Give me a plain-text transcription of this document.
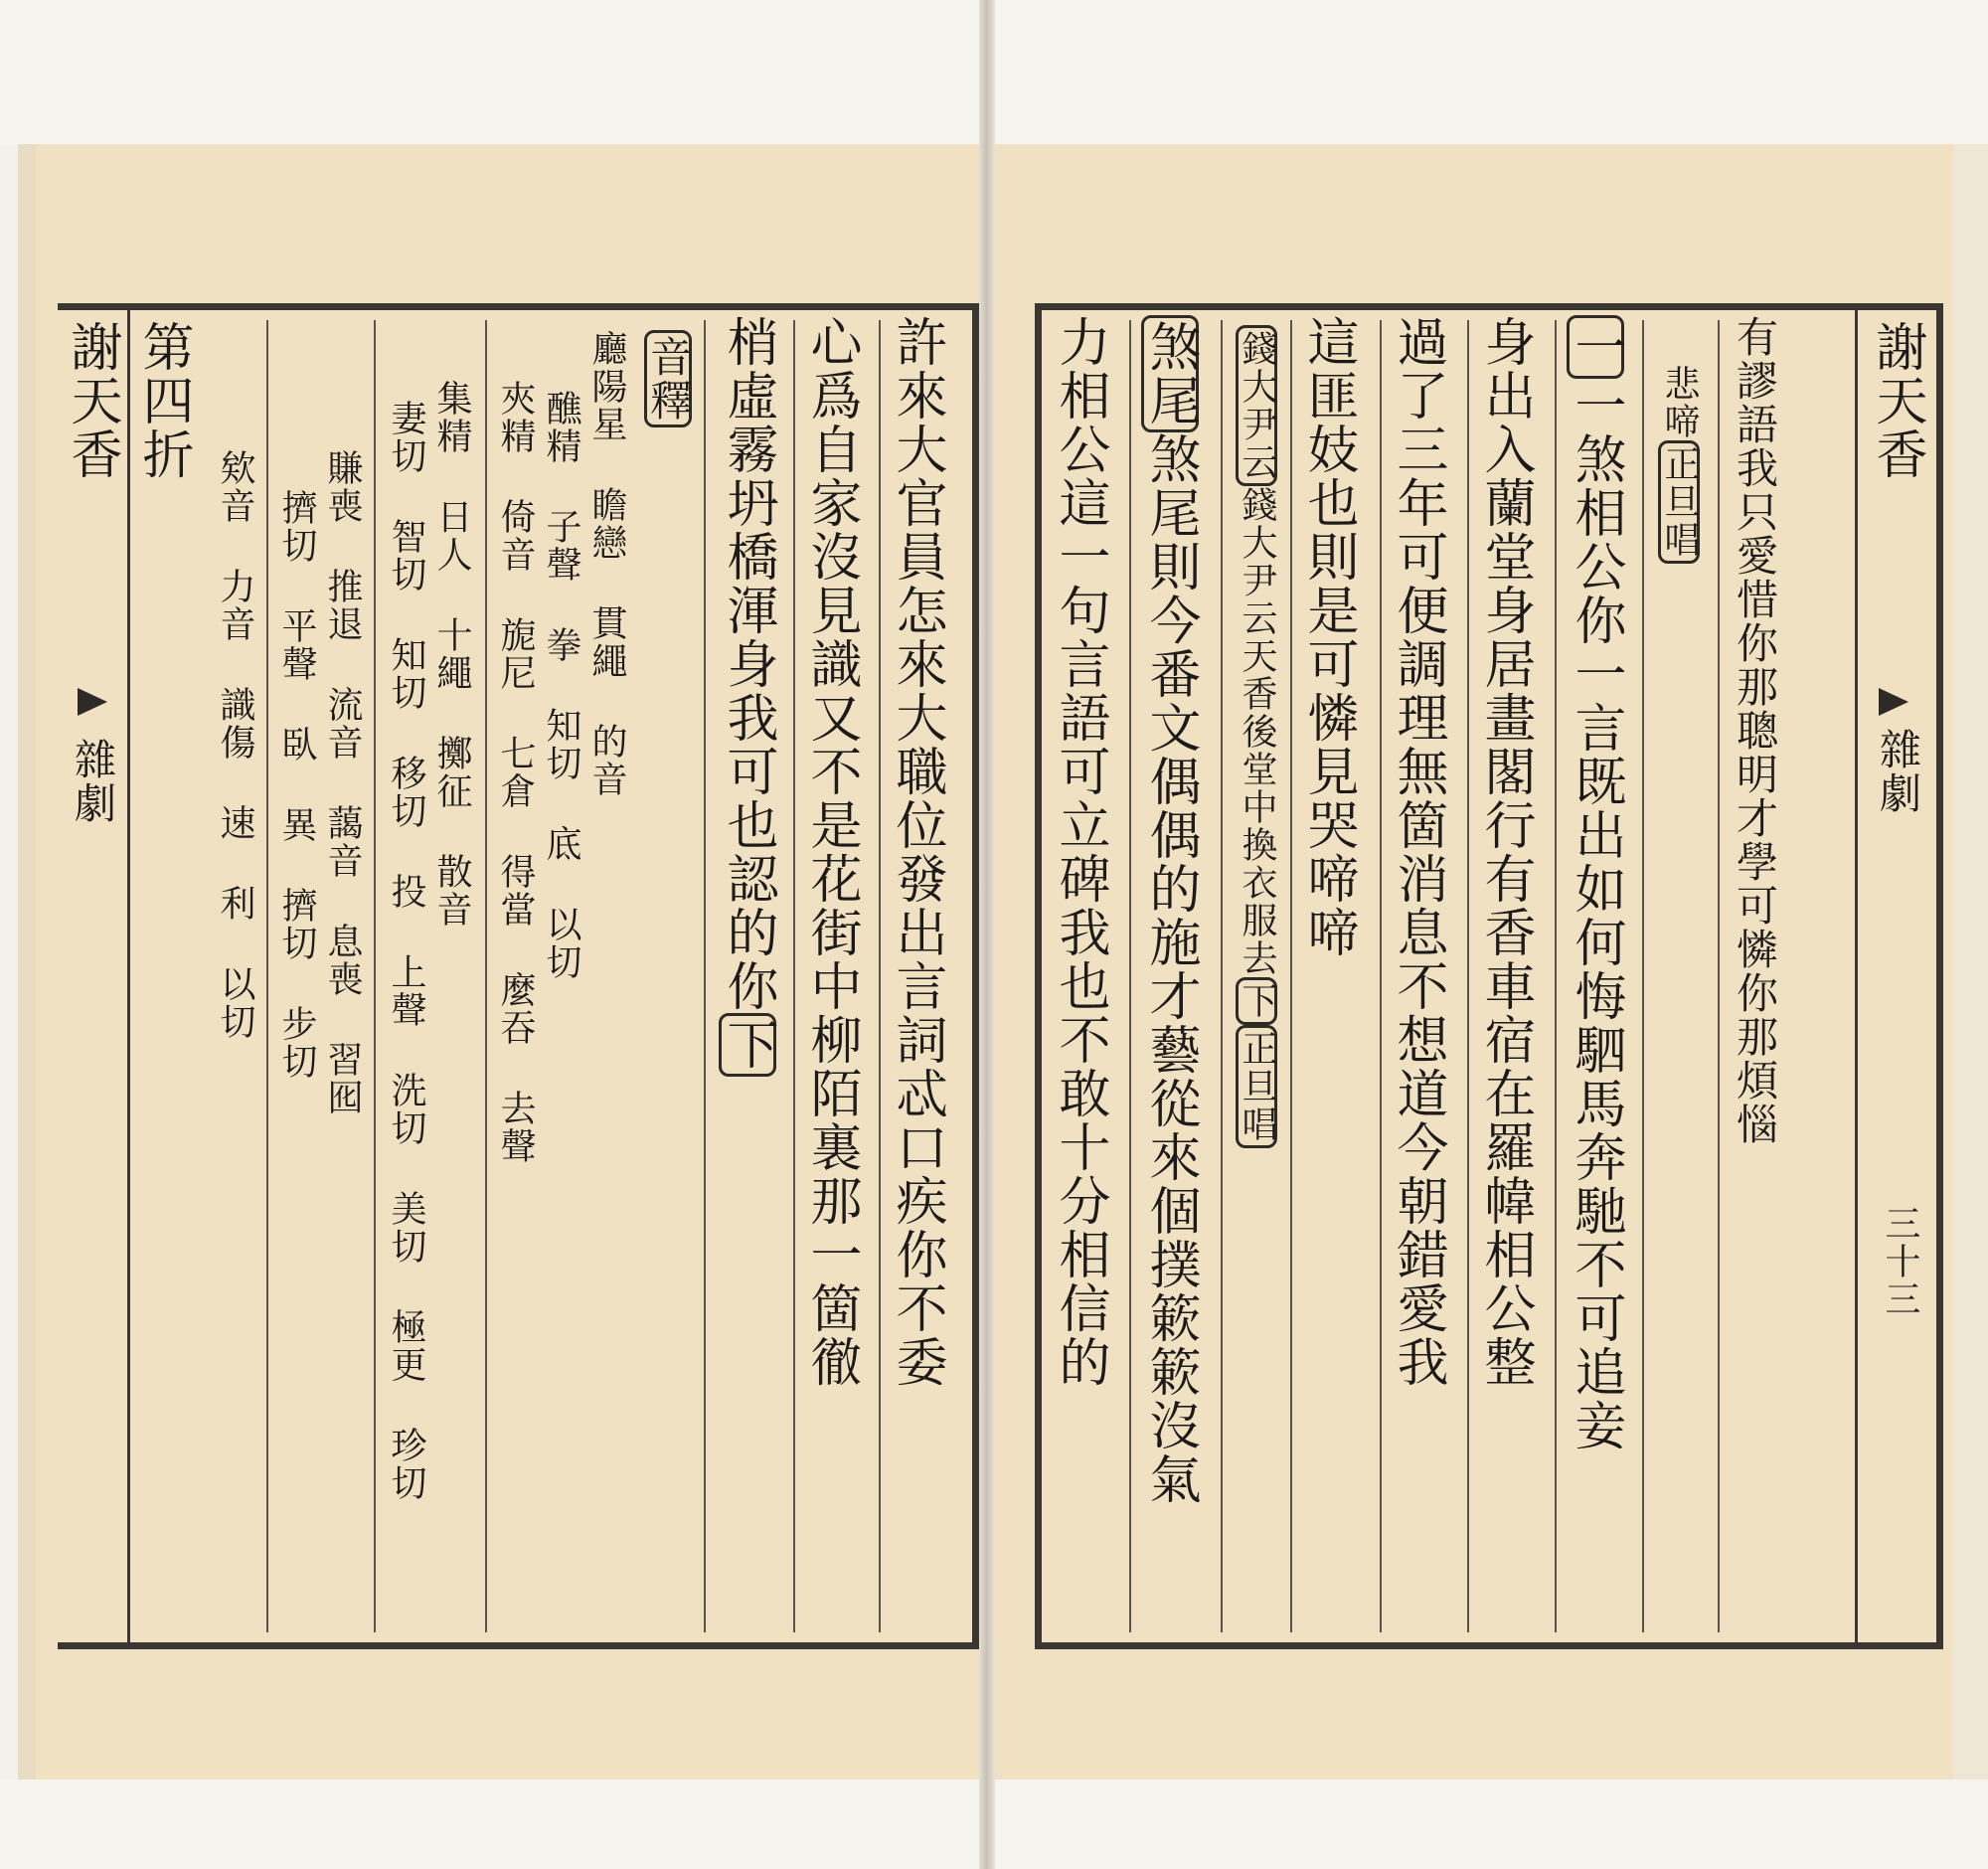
謝天香
雜劇
第四折
欸音 力音 識傷 速 利 以切 擠切 平聲 臥 異 擠切 步切 賺喪 推退 流音 藹音 息喪 習囮 妻切 智切 知切 移切 投 上聲 洗切 美切 極更 珍切 集精 日人 十繩 擲征 散音 夾精 倚音 旎尼 七倉 得當 麼吞 去聲 醮精 子聲 拳 知切 底 以切 廳陽星 瞻戀 貫繩 的音 音釋 梢虛霧坍橋渾身我可也認的你下 心爲自家沒見識又不是花街中柳陌裏那一箇徹 許來大官員怎來大職位發出言詞忒口疾你不委 力相公這一句言語可立碑我也不敢十分相信的 煞尾煞尾則今番文偶偶的施才藝從來個撲簌簌沒氣
錢大尹云錢大尹云天香後堂中換衣服去下正旦唱
這匪妓也則是可憐見哭啼啼 過了三年可便調理無箇消息不想道今朝錯愛我 身出入蘭堂身居畫閣行有香車宿在羅幃相公整 一一煞相公你一言既出如何悔駟馬奔馳不可追妾 悲啼正旦唱 有謬語我只愛惜你那聰明才學可憐你那煩惱 謝天香
雜劇
三十三
